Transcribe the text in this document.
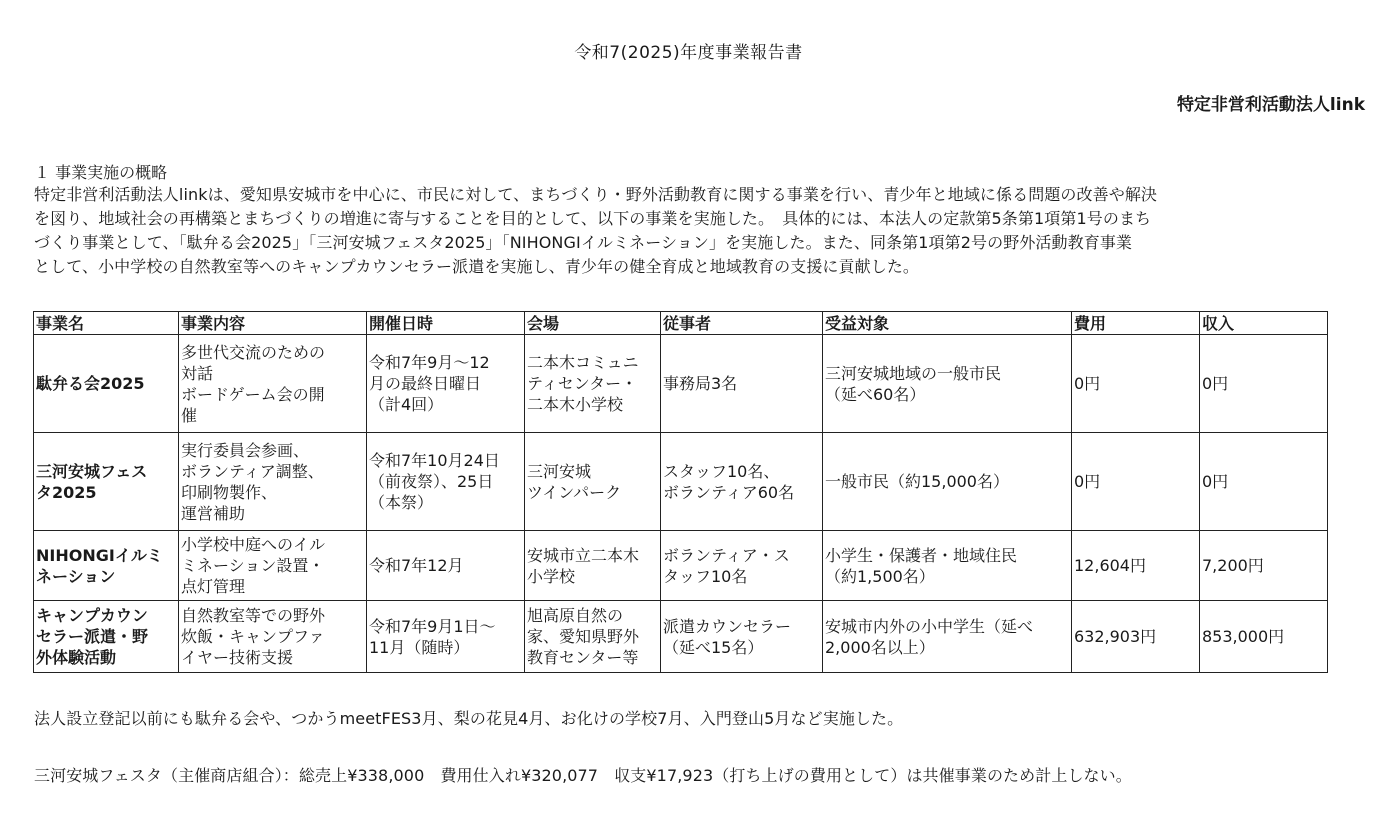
令和7(2025)年度事業報告書
特定非営利活動法人link
１ 事業実施の概略
特定非営利活動法人linkは、愛知県安城市を中心に、市民に対して、まちづくり・野外活動教育に関する事業を行い、青少年と地域に係る問題の改善や解決
を図り、地域社会の再構築とまちづくりの増進に寄与することを目的として、以下の事業を実施した。　具体的には、本法人の定款第5条第1項第1号のまち
づくり事業として、「駄弁る会2025」「三河安城フェスタ2025」「NIHONGIイルミネーション」を実施した。また、同条第1項第2号の野外活動教育事業
として、小中学校の自然教室等へのキャンプカウンセラー派遣を実施し、青少年の健全育成と地域教育の支援に貢献した。
事業名	事業内容	開催日時	会場	従事者	受益対象	費用	収入
駄弁る会2025	多世代交流のための
対話
ボードゲーム会の開
催	令和7年9月～12
月の最終日曜日
（計4回）	二本木コミュニ
ティセンター・
二本木小学校	事務局3名	三河安城地域の一般市民
（延べ60名）	0円	0円
三河安城フェス
タ2025	実行委員会参画、
ボランティア調整、
印刷物製作、
運営補助	令和7年10月24日
（前夜祭）、25日
（本祭）	三河安城
ツインパーク	スタッフ10名、
ボランティア60名	一般市民（約15,000名）	0円	0円
NIHONGIイルミ
ネーション	小学校中庭へのイル
ミネーション設置・
点灯管理	令和7年12月	安城市立二本木
小学校	ボランティア・ス
タッフ10名	小学生・保護者・地域住民
（約1,500名）	12,604円	7,200円
キャンプカウン
セラー派遣・野
外体験活動	自然教室等での野外
炊飯・キャンプファ
イヤー技術支援	令和7年9月1日～
11月（随時）	旭高原自然の
家、愛知県野外
教育センター等	派遣カウンセラー
（延べ15名）	安城市内外の小中学生（延べ
2,000名以上）	632,903円	853,000円
法人設立登記以前にも駄弁る会や、つかうmeetFES3月、梨の花見4月、お化けの学校7月、入門登山5月など実施した。
三河安城フェスタ（主催商店組合）：総売上¥338,000　費用仕入れ¥320,077　収支¥17,923（打ち上げの費用として）は共催事業のため計上しない。
